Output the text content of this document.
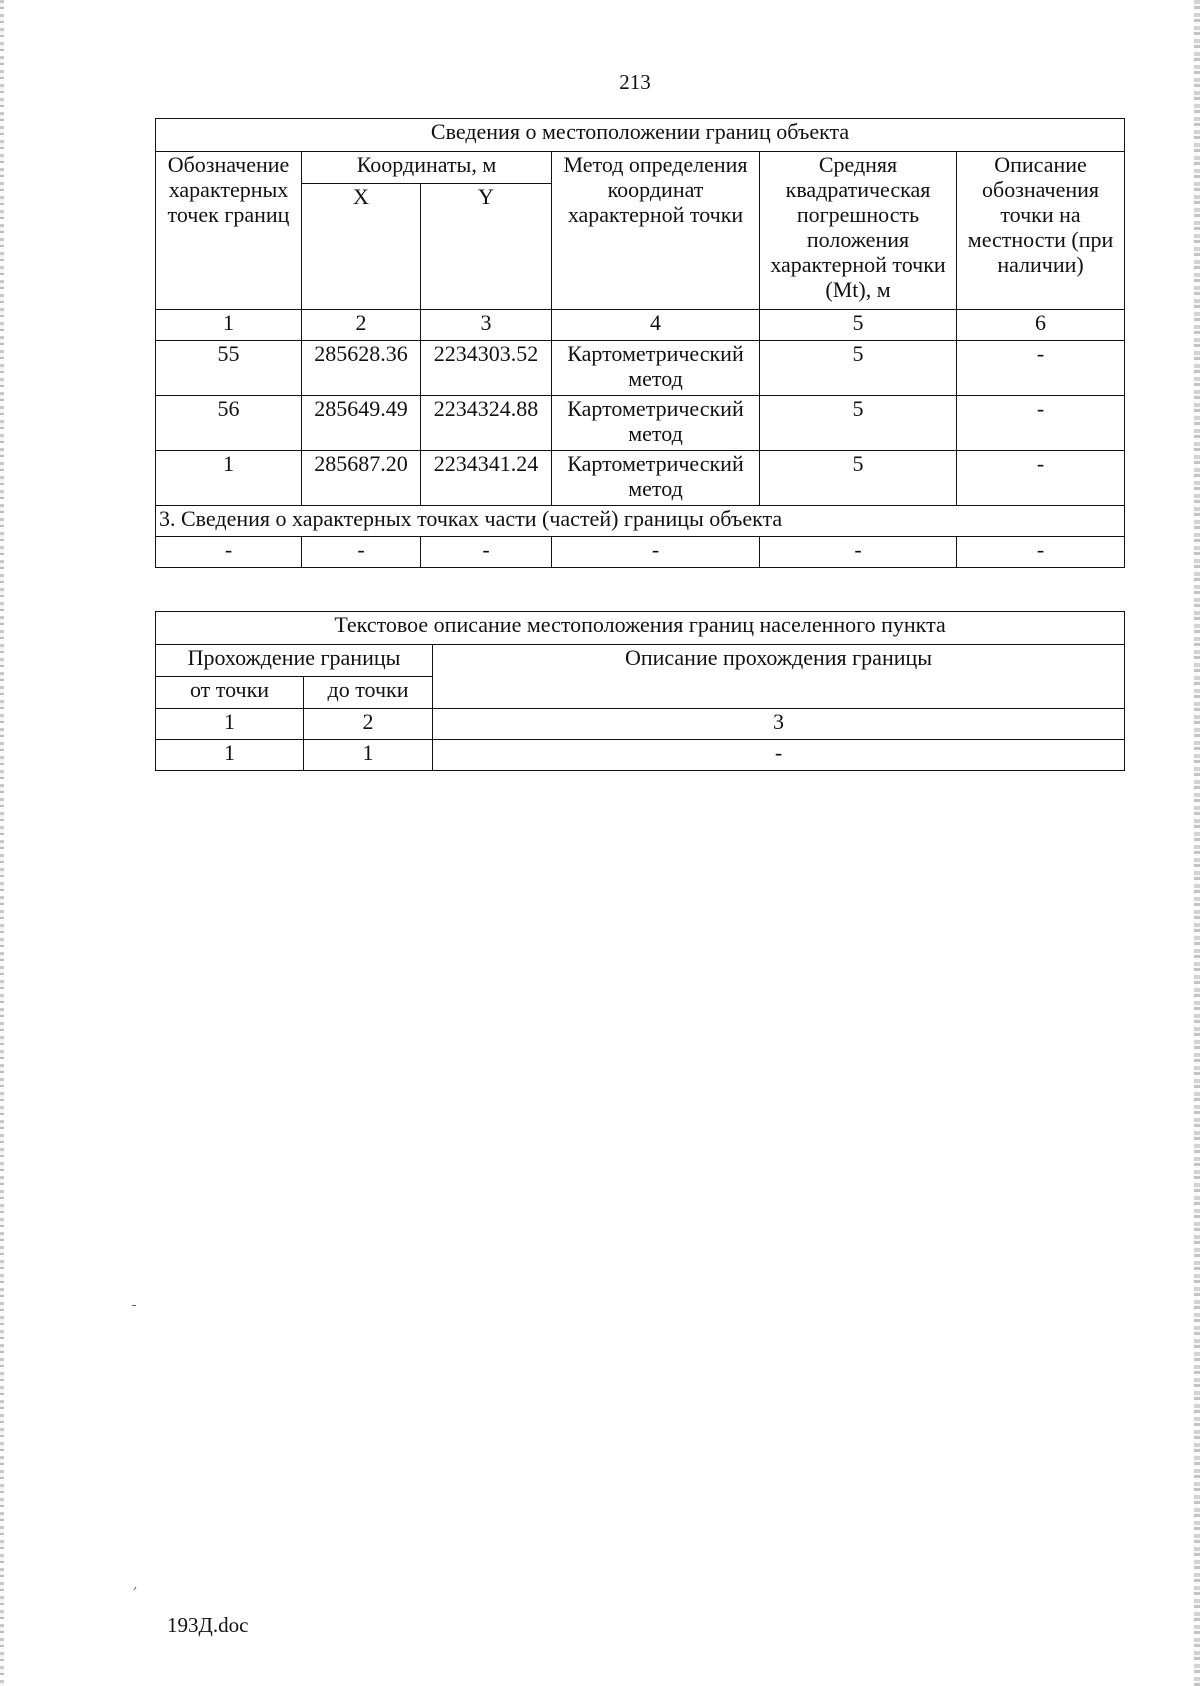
213
Сведения о местоположении границ объекта					
Обозначение характерных точек границ	Координаты, м		Метод определения координат характерной точки	Средняя квадратическая погрешность положения характерной точки (Mt), м	Описание обозначения точки на местности (при наличии)
	X	Y			
1	2	3	4	5	6
55	285628.36	2234303.52	Картометрический метод	5	-
56	285649.49	2234324.88	Картометрический метод	5	-
1	285687.20	2234341.24	Картометрический метод	5	-
3. Сведения о характерных точках части (частей) границы объекта					
-	-	-	-	-	-
Текстовое описание местоположения границ населенного пункта		
Прохождение границы		Описание прохождения границы
от точки	до точки	
1	2	3
1	1	-
193Д.doc
